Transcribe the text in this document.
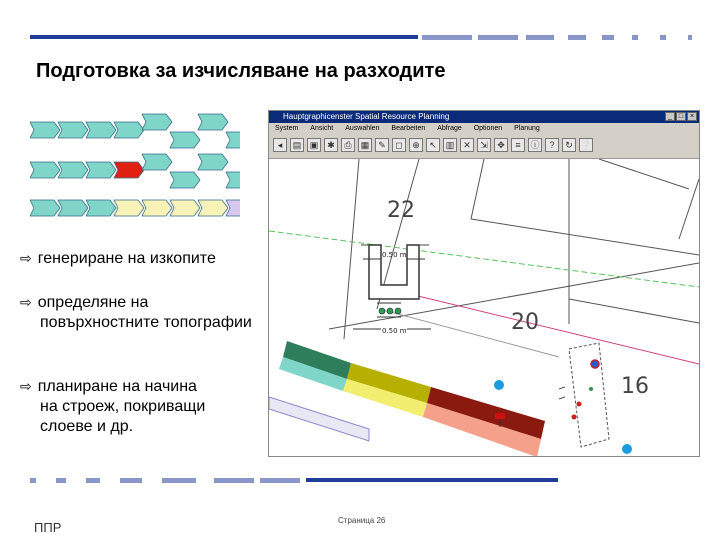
Подготовка за изчисляване на разходите
⇨ генериране на изкопите
⇨ определяне на
повърхностните топографии
⇨ планиране на начина
на строеж, покриващи
слоеве и др.
Hauptgraphicenster Spatial Resource Planning	_ □ ×
System Ansicht Auswahlen Bearbeiten Abfrage Optionen Planung
◂	▤ ▣ ✱	⎙	▦ ✎	◻	⊕	↖ ▥ ✕	⇲	✥	≡	ⓘ	?	↻ ❔
22
20
16
0.50 m
0.50 m
ППР	Страница 26
